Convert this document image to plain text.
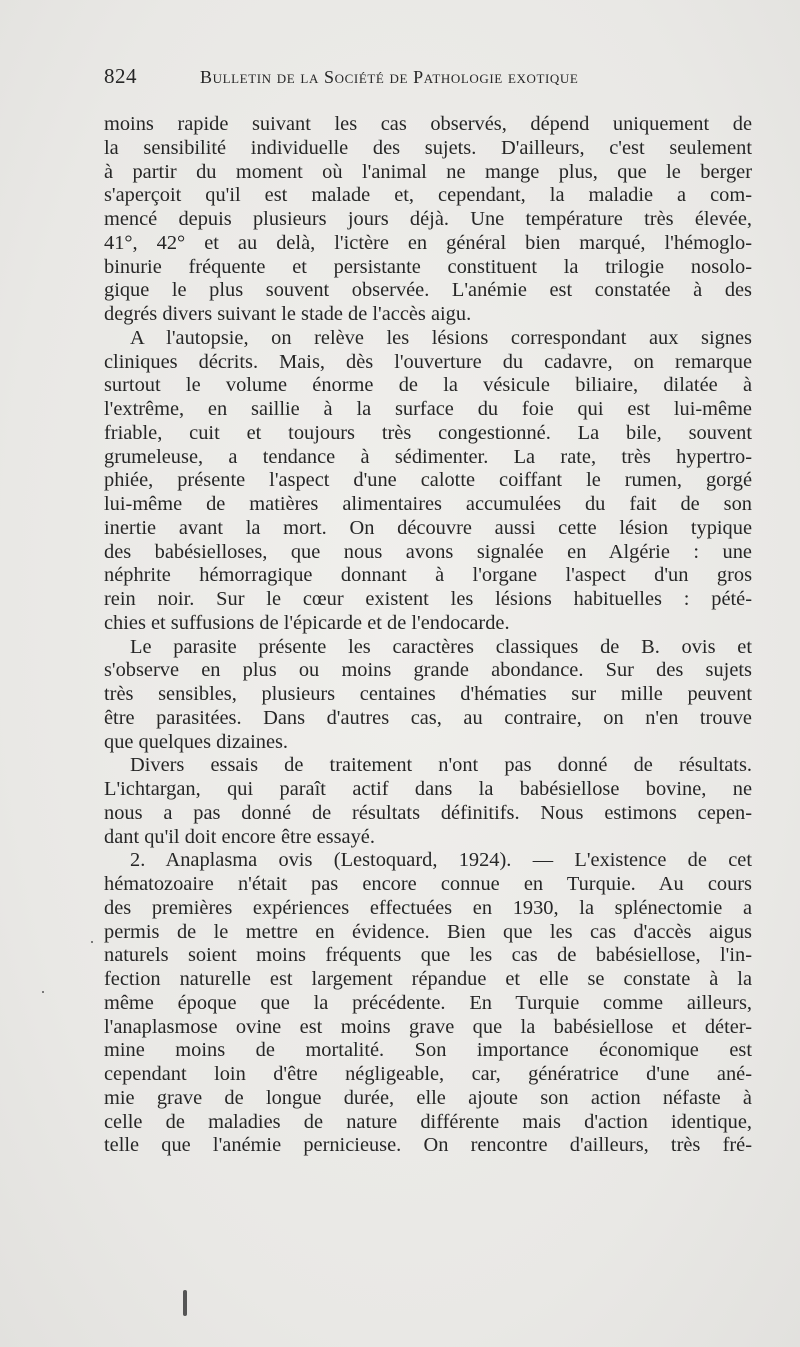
824	Bulletin de la Société de Pathologie exotique
moins rapide suivant les cas observés, dépend uniquement de
la sensibilité individuelle des sujets. D'ailleurs, c'est seulement
à partir du moment où l'animal ne mange plus, que le berger
s'aperçoit qu'il est malade et, cependant, la maladie a com-
mencé depuis plusieurs jours déjà. Une température très élevée,
41°, 42° et au delà, l'ictère en général bien marqué, l'hémoglo-
binurie fréquente et persistante constituent la trilogie nosolo-
gique le plus souvent observée. L'anémie est constatée à des
degrés divers suivant le stade de l'accès aigu.
A l'autopsie, on relève les lésions correspondant aux signes
cliniques décrits. Mais, dès l'ouverture du cadavre, on remarque
surtout le volume énorme de la vésicule biliaire, dilatée à
l'extrême, en saillie à la surface du foie qui est lui-même
friable, cuit et toujours très congestionné. La bile, souvent
grumeleuse, a tendance à sédimenter. La rate, très hypertro-
phiée, présente l'aspect d'une calotte coiffant le rumen, gorgé
lui-même de matières alimentaires accumulées du fait de son
inertie avant la mort. On découvre aussi cette lésion typique
des babésielloses, que nous avons signalée en Algérie : une
néphrite hémorragique donnant à l'organe l'aspect d'un gros
rein noir. Sur le cœur existent les lésions habituelles : pété-
chies et suffusions de l'épicarde et de l'endocarde.
Le parasite présente les caractères classiques de B. ovis et
s'observe en plus ou moins grande abondance. Sur des sujets
très sensibles, plusieurs centaines d'hématies sur mille peuvent
être parasitées. Dans d'autres cas, au contraire, on n'en trouve
que quelques dizaines.
Divers essais de traitement n'ont pas donné de résultats.
L'ichtargan, qui paraît actif dans la babésiellose bovine, ne
nous a pas donné de résultats définitifs. Nous estimons cepen-
dant qu'il doit encore être essayé.
2. Anaplasma ovis (Lestoquard, 1924). — L'existence de cet
hématozoaire n'était pas encore connue en Turquie. Au cours
des premières expériences effectuées en 1930, la splénectomie a
permis de le mettre en évidence. Bien que les cas d'accès aigus
naturels soient moins fréquents que les cas de babésiellose, l'in-
fection naturelle est largement répandue et elle se constate à la
même époque que la précédente. En Turquie comme ailleurs,
l'anaplasmose ovine est moins grave que la babésiellose et déter-
mine moins de mortalité. Son importance économique est
cependant loin d'être négligeable, car, génératrice d'une ané-
mie grave de longue durée, elle ajoute son action néfaste à
celle de maladies de nature différente mais d'action identique,
telle que l'anémie pernicieuse. On rencontre d'ailleurs, très fré-
